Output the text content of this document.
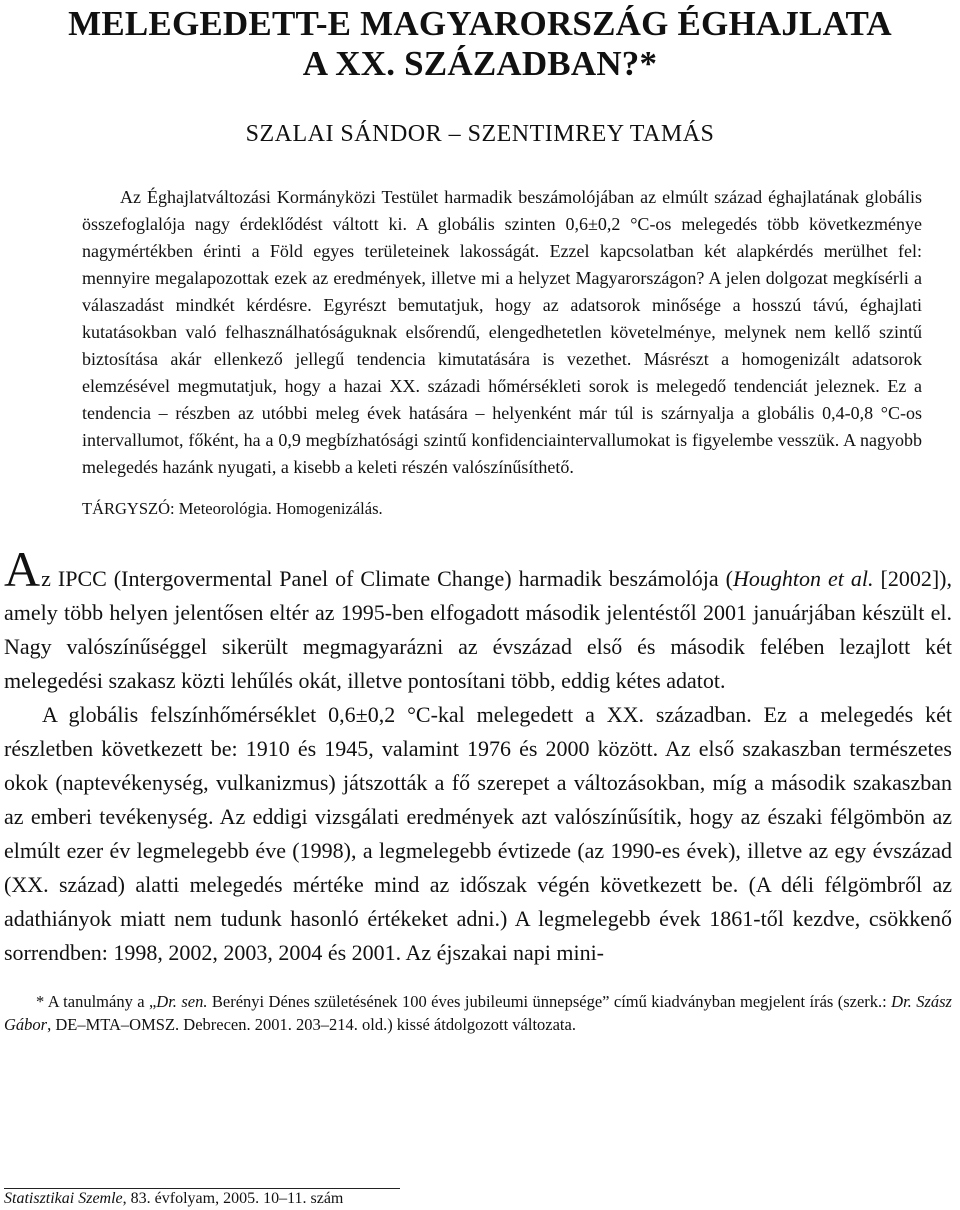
MELEGEDETT-E MAGYARORSZÁG ÉGHAJLATA
A XX. SZÁZADBAN?*
SZALAI SÁNDOR – SZENTIMREY TAMÁS

Az Éghajlatváltozási Kormányközi Testület harmadik beszámolójában az elmúlt század éghajlatának globális összefoglalója nagy érdeklődést váltott ki. A globális szinten 0,6±0,2 °C-os melegedés több következménye nagymértékben érinti a Föld egyes területeinek lakosságát. Ezzel kapcsolatban két alapkérdés merülhet fel: mennyire megalapozottak ezek az eredmények, illetve mi a helyzet Magyarországon? A jelen dolgozat megkísérli a válaszadást mindkét kérdésre. Egyrészt bemutatjuk, hogy az adatsorok minősége a hosszú távú, éghajlati kutatásokban való felhasználhatóságuknak elsőrendű, elengedhetetlen követelménye, melynek nem kellő szintű biztosítása akár ellenkező jellegű tendencia kimutatására is vezethet. Másrészt a homogenizált adatsorok elemzésével megmutatjuk, hogy a hazai XX. századi hőmérsékleti sorok is melegedő tendenciát jeleznek. Ez a tendencia – részben az utóbbi meleg évek hatására – helyenként már túl is szárnyalja a globális 0,4-0,8 °C-os intervallumot, főként, ha a 0,9 megbízhatósági szintű konfidenciaintervallumokat is figyelembe vesszük. A nagyobb melegedés hazánk nyugati, a kisebb a keleti részén valószínűsíthető.

TÁRGYSZÓ: Meteorológia. Homogenizálás.

Az IPCC (Intergovermental Panel of Climate Change) harmadik beszámolója (Houghton et al. [2002]), amely több helyen jelentősen eltér az 1995-ben elfogadott második jelentéstől 2001 januárjában készült el. Nagy valószínűséggel sikerült megmagyarázni az évszázad első és második felében lezajlott két melegedési szakasz közti lehűlés okát, illetve pontosítani több, eddig kétes adatot.

A globális felszínhőmérséklet 0,6±0,2 °C-kal melegedett a XX. században. Ez a melegedés két részletben következett be: 1910 és 1945, valamint 1976 és 2000 között. Az első szakaszban természetes okok (naptevékenység, vulkanizmus) játszották a fő szerepet a változásokban, míg a második szakaszban az emberi tevékenység. Az eddigi vizsgálati eredmények azt valószínűsítik, hogy az északi félgömbön az elmúlt ezer év legmelegebb éve (1998), a legmelegebb évtizede (az 1990-es évek), illetve az egy évszázad (XX. század) alatti melegedés mértéke mind az időszak végén következett be. (A déli félgömbről az adathiányok miatt nem tudunk hasonló értékeket adni.) A legmelegebb évek 1861-től kezdve, csökkenő sorrendben: 1998, 2002, 2003, 2004 és 2001. Az éjszakai napi mini-

* A tanulmány a „Dr. sen. Berényi Dénes születésének 100 éves jubileumi ünnepsége” című kiadványban megjelent írás (szerk.: Dr. Szász Gábor, DE–MTA–OMSZ. Debrecen. 2001. 203–214. old.) kissé átdolgozott változata.

Statisztikai Szemle, 83. évfolyam, 2005. 10–11. szám
